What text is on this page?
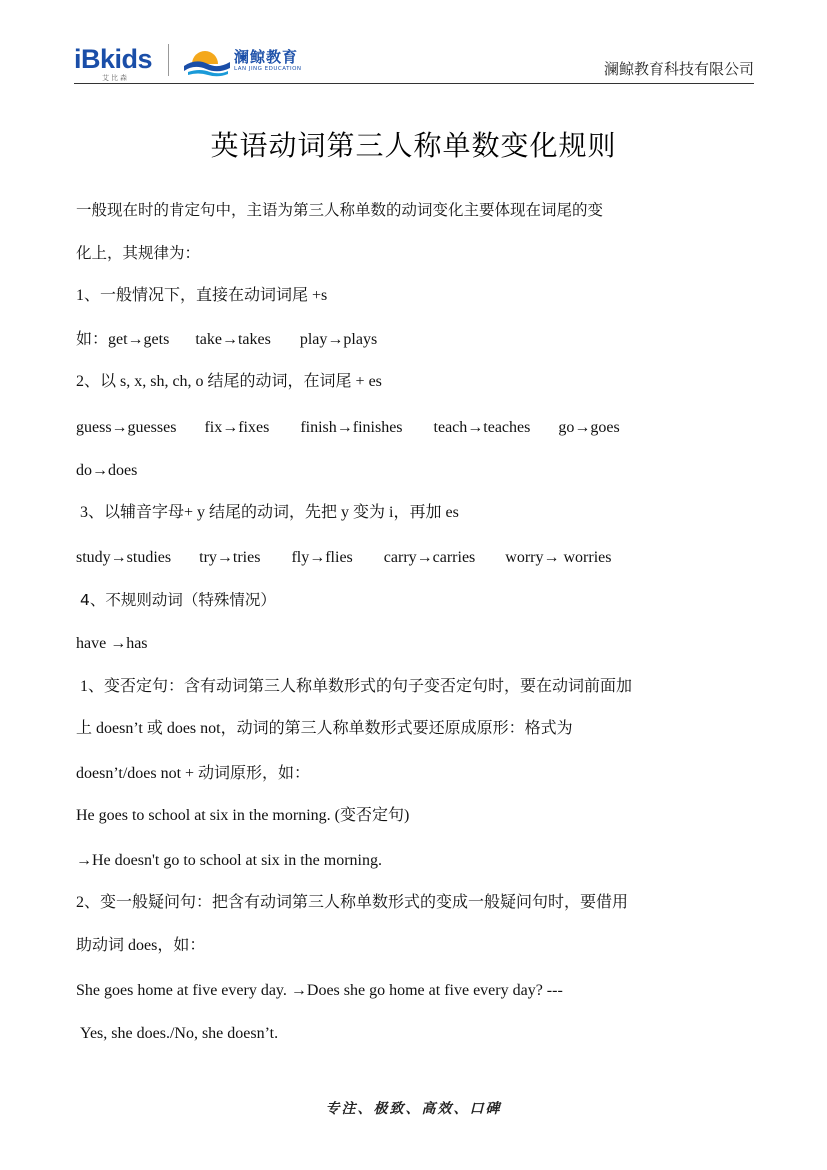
iBkids
艾比森
澜鲸教育
LAN JING EDUCATION	澜鲸教育科技有限公司
英语动词第三人称单数变化规则
一般现在时的肯定句中，主语为第三人称单数的动词变化主要体现在词尾的变
化上，其规律为：
1、一般情况下，直接在动词词尾 +s
如：get→gets take→takes play→plays
2、以 s, x, sh, ch, o 结尾的动词，在词尾 + es
guess→guesses fix→fixes finish→finishes teach→teaches go→goes
do→does
3、以辅音字母+ y 结尾的动词，先把 y 变为 i，再加 es
study→studies try→tries fly→flies carry→carries worry→ worries
4、不规则动词（特殊情况）
have →has
1、变否定句：含有动词第三人称单数形式的句子变否定句时，要在动词前面加
上 doesn’t 或 does not，动词的第三人称单数形式要还原成原形：格式为
doesn’t/does not + 动词原形，如：
He goes to school at six in the morning. (变否定句)
→He doesn't go to school at six in the morning.
2、变一般疑问句：把含有动词第三人称单数形式的变成一般疑问句时，要借用
助动词 does，如：
She goes home at five every day. →Does she go home at five every day? ---
Yes, she does./No, she doesn’t.
专注、极致、高效、口碑
